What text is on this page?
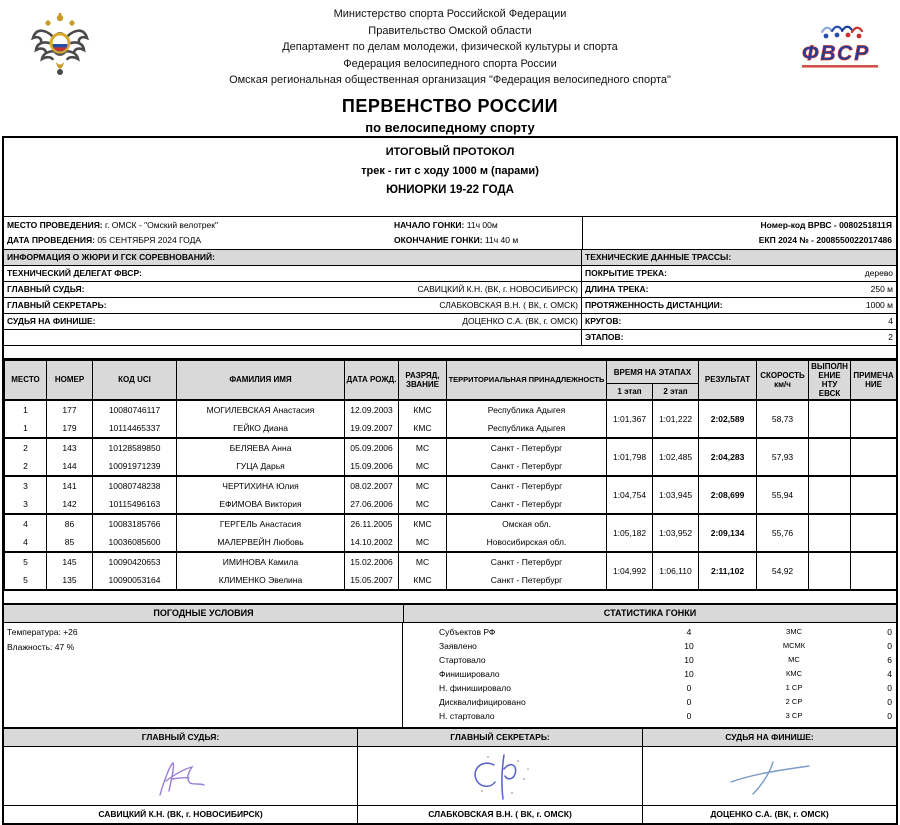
ФВСР
Министерство спорта Российской Федерации
Правительство Омской области
Департамент по делам молодежи, физической культуры и спорта
Федерация велосипедного спорта России
Омская региональная общественная организация "Федерация велосипедного спорта"
ПЕРВЕНСТВО РОССИИ
по велосипедному спорту
ИТОГОВЫЙ ПРОТОКОЛ
трек - гит с ходу 1000 м (парами)
ЮНИОРКИ 19-22 ГОДА
МЕСТО ПРОВЕДЕНИЯ: г. ОМСК - "Омский велотрек"
ДАТА ПРОВЕДЕНИЯ: 05 СЕНТЯБРЯ 2024 ГОДА
НАЧАЛО ГОНКИ: 11ч 00м
ОКОНЧАНИЕ ГОНКИ: 11ч 40 м
Номер-код ВРВС - 0080251811Я
ЕКП 2024 № - 2008550022017486
ИНФОРМАЦИЯ О ЖЮРИ И ГСК СОРЕВНОВАНИЙ:	ТЕХНИЧЕСКИЕ ДАННЫЕ ТРАССЫ:
ТЕХНИЧЕСКИЙ ДЕЛЕГАТ ФВСР:	ПОКРЫТИЕ ТРЕКА:	дерево
ГЛАВНЫЙ СУДЬЯ:	САВИЦКИЙ К.Н. (ВК, г. НОВОСИБИРСК) ДЛИНА ТРЕКА:	250 м
ГЛАВНЫЙ СЕКРЕТАРЬ:	СЛАБКОВСКАЯ В.Н. ( ВК, г. ОМСК) ПРОТЯЖЕННОСТЬ ДИСТАНЦИИ:	1000 м
СУДЬЯ НА ФИНИШЕ:	ДОЦЕНКО С.А. (ВК, г. ОМСК) КРУГОВ:	4
ЭТАПОВ:	2
МЕСТО	НОМЕР	КОД UCI	ФАМИЛИЯ ИМЯ	ДАТА РОЖД.	РАЗРЯД, ЗВАНИЕ	ТЕРРИТОРИАЛЬНАЯ ПРИНАДЛЕЖНОСТЬ	ВРЕМЯ НА ЭТАПАХ		РЕЗУЛЬТАТ	СКОРОСТЬ
км/ч	ВЫПОЛНЕНИЕ НТУ ЕВСК	ПРИМЕЧАНИЕ
							1 этап	2 этап				
1	177	10080746117	МОГИЛЕВСКАЯ Анастасия	12.09.2003	КМС	Республика Адыгея	1:01,367	1:01,222	2:02,589	58,73		
1	179	10114465337	ГЕЙКО Диана	19.09.2007	КМС	Республика Адыгея						
2	143	10128589850	БЕЛЯЕВА Анна	05.09.2006	МС	Санкт - Петербург	1:01,798	1:02,485	2:04,283	57,93		
2	144	10091971239	ГУЦА Дарья	15.09.2006	МС	Санкт - Петербург						
3	141	10080748238	ЧЕРТИХИНА Юлия	08.02.2007	МС	Санкт - Петербург	1:04,754	1:03,945	2:08,699	55,94		
3	142	10115496163	ЕФИМОВА Виктория	27.06.2006	МС	Санкт - Петербург						
4	86	10083185766	ГЕРГЕЛЬ Анастасия	26.11.2005	КМС	Омская обл.	1:05,182	1:03,952	2:09,134	55,76		
4	85	10036085600	МАЛЕРВЕЙН Любовь	14.10.2002	МС	Новосибирская обл.						
5	145	10090420653	ИМИНОВА Камила	15.02.2006	МС	Санкт - Петербург	1:04,992	1:06,110	2:11,102	54,92		
5	135	10090053164	КЛИМЕНКО Эвелина	15.05.2007	КМС	Санкт - Петербург						
ПОГОДНЫЕ УСЛОВИЯ	СТАТИСТИКА ГОНКИ
Температура: +26
Влажность: 47 %
Субъектов РФ	4	ЗМС	0
Заявлено	10	МСМК	0
Стартовало	10	МС	6
Финишировало	10	КМС	4
Н. финишировало	0	1 СР	0
Дисквалифицировано	0	2 СР	0
Н. стартовало	0	3 СР	0
ГЛАВНЫЙ СУДЬЯ:	ГЛАВНЫЙ СЕКРЕТАРЬ:	СУДЬЯ НА ФИНИШЕ:
САВИЦКИЙ К.Н. (ВК, г. НОВОСИБИРСК)	СЛАБКОВСКАЯ В.Н. ( ВК, г. ОМСК)	ДОЦЕНКО С.А. (ВК, г. ОМСК)
